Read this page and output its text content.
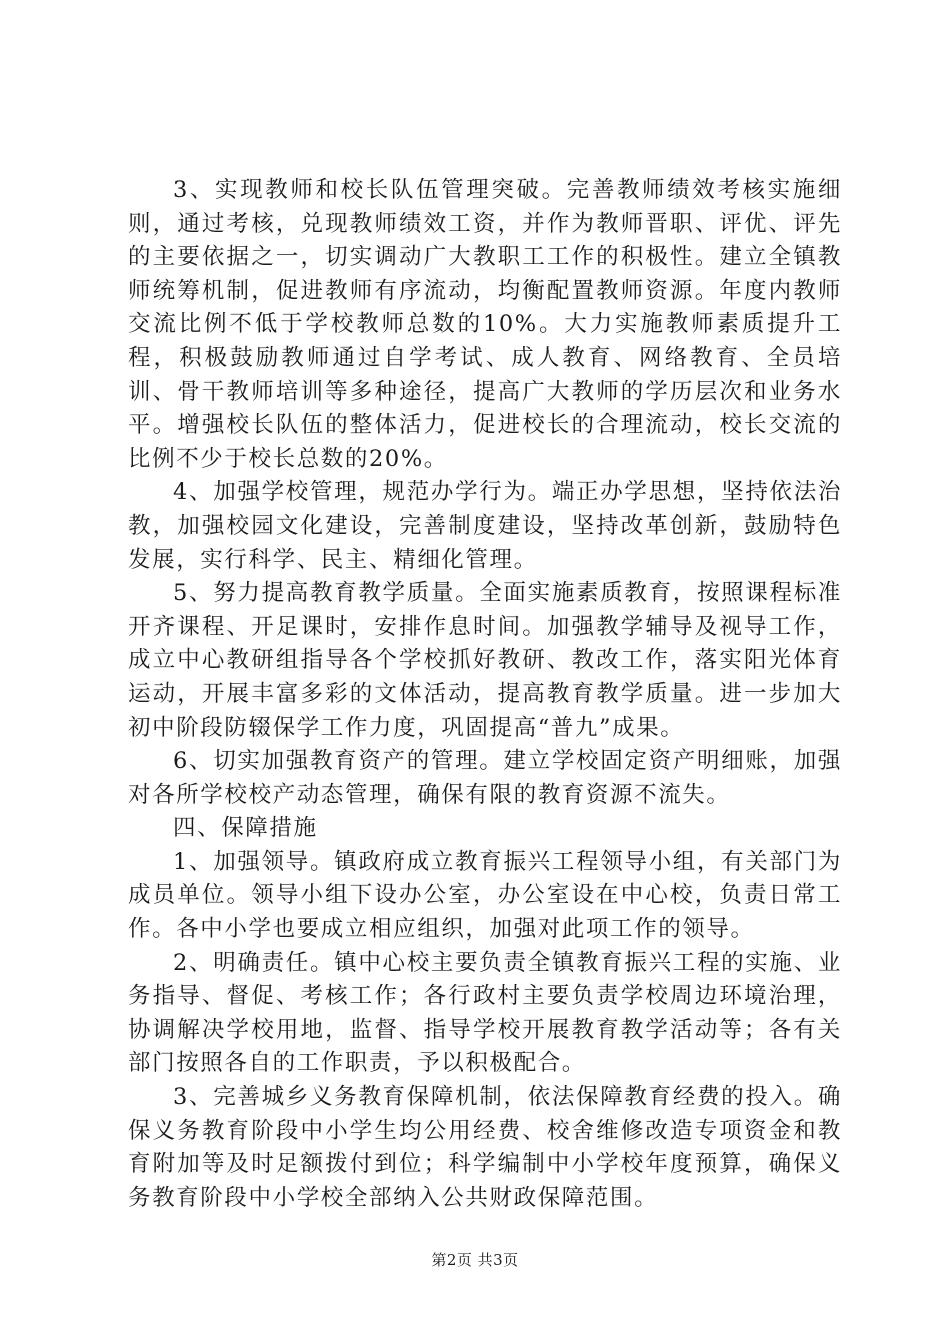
3、实现教师和校长队伍管理突破。完善教师绩效考核实施细则，通过考核，兑现教师绩效工资，并作为教师晋职、评优、评先的主要依据之一，切实调动广大教职工工作的积极性。建立全镇教师统筹机制，促进教师有序流动，均衡配置教师资源。年度内教师交流比例不低于学校教师总数的10%。大力实施教师素质提升工程，积极鼓励教师通过自学考试、成人教育、网络教育、全员培训、骨干教师培训等多种途径，提高广大教师的学历层次和业务水平。增强校长队伍的整体活力，促进校长的合理流动，校长交流的比例不少于校长总数的20%。

4、加强学校管理，规范办学行为。端正办学思想，坚持依法治教，加强校园文化建设，完善制度建设，坚持改革创新，鼓励特色发展，实行科学、民主、精细化管理。

5、努力提高教育教学质量。全面实施素质教育，按照课程标准开齐课程、开足课时，安排作息时间。加强教学辅导及视导工作，成立中心教研组指导各个学校抓好教研、教改工作，落实阳光体育运动，开展丰富多彩的文体活动，提高教育教学质量。进一步加大初中阶段防辍保学工作力度，巩固提高“普九”成果。

6、切实加强教育资产的管理。建立学校固定资产明细账，加强对各所学校校产动态管理，确保有限的教育资源不流失。

四、保障措施

1、加强领导。镇政府成立教育振兴工程领导小组，有关部门为成员单位。领导小组下设办公室，办公室设在中心校，负责日常工作。各中小学也要成立相应组织，加强对此项工作的领导。

2、明确责任。镇中心校主要负责全镇教育振兴工程的实施、业务指导、督促、考核工作；各行政村主要负责学校周边环境治理，协调解决学校用地，监督、指导学校开展教育教学活动等；各有关部门按照各自的工作职责，予以积极配合。

3、完善城乡义务教育保障机制，依法保障教育经费的投入。确保义务教育阶段中小学生均公用经费、校舍维修改造专项资金和教育附加等及时足额拨付到位；科学编制中小学校年度预算，确保义务教育阶段中小学校全部纳入公共财政保障范围。

第2页 共3页
